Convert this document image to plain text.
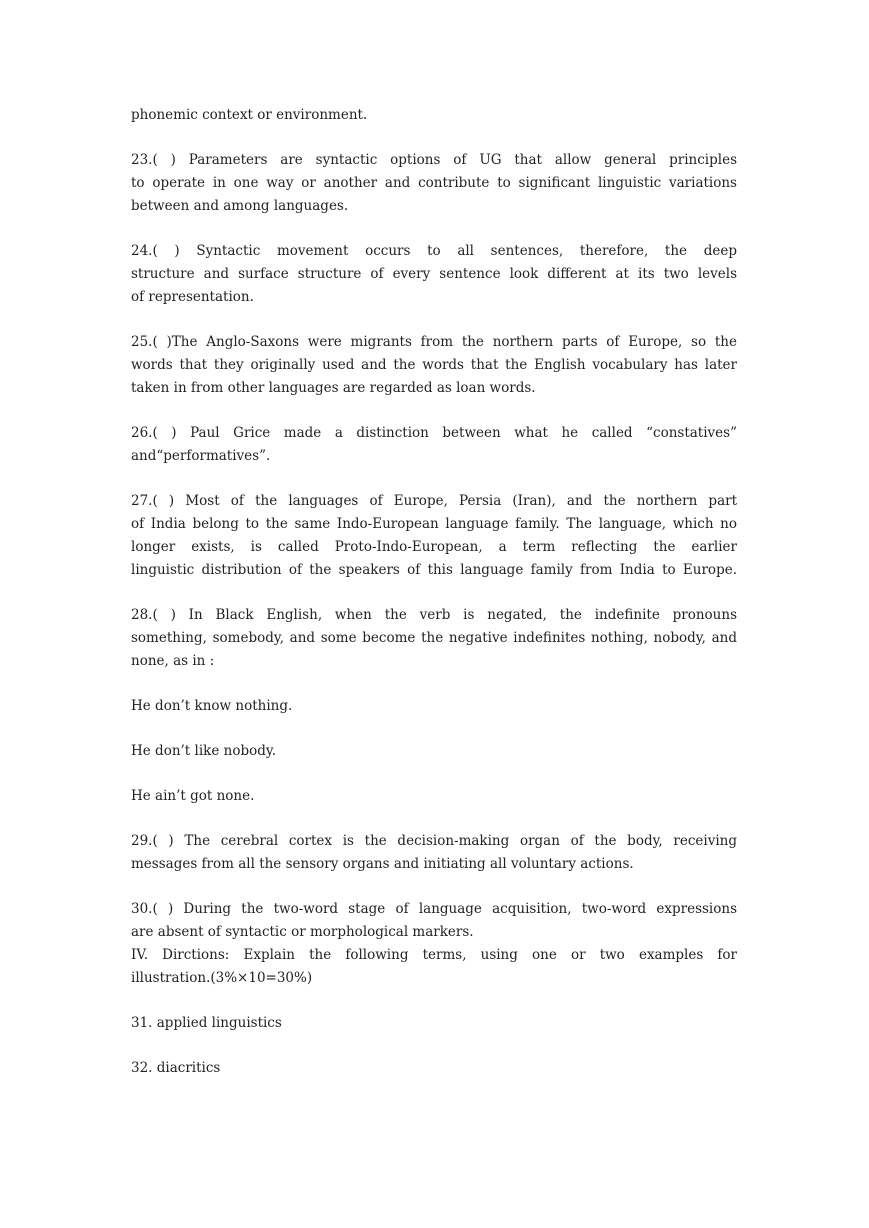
phonemic context or environment.
23.( ) Parameters are syntactic options of UG that allow general principles
to operate in one way or another and contribute to significant linguistic variations
between and among languages.
24.( ) Syntactic movement occurs to all sentences, therefore, the deep
structure and surface structure of every sentence look different at its two levels
of representation.
25.( )The Anglo-Saxons were migrants from the northern parts of Europe, so the
words that they originally used and the words that the English vocabulary has later
taken in from other languages are regarded as loan words.
26.( ) Paul Grice made a distinction between what he called “constatives”
and“performatives”.
27.( ) Most of the languages of Europe, Persia (Iran), and the northern part
of India belong to the same Indo-European language family. The language, which no
longer exists, is called Proto-Indo-European, a term reflecting the earlier
linguistic distribution of the speakers of this language family from India to Europe.
28.( ) In Black English, when the verb is negated, the indefinite pronouns
something, somebody, and some become the negative indefinites nothing, nobody, and
none, as in :
He don’t know nothing.
He don’t like nobody.
He ain’t got none.
29.( ) The cerebral cortex is the decision-making organ of the body, receiving
messages from all the sensory organs and initiating all voluntary actions.
30.( ) During the two-word stage of language acquisition, two-word expressions
are absent of syntactic or morphological markers.
IV. Dirctions: Explain the following terms, using one or two examples for
illustration.(3%×10=30%)
31. applied linguistics
32. diacritics
